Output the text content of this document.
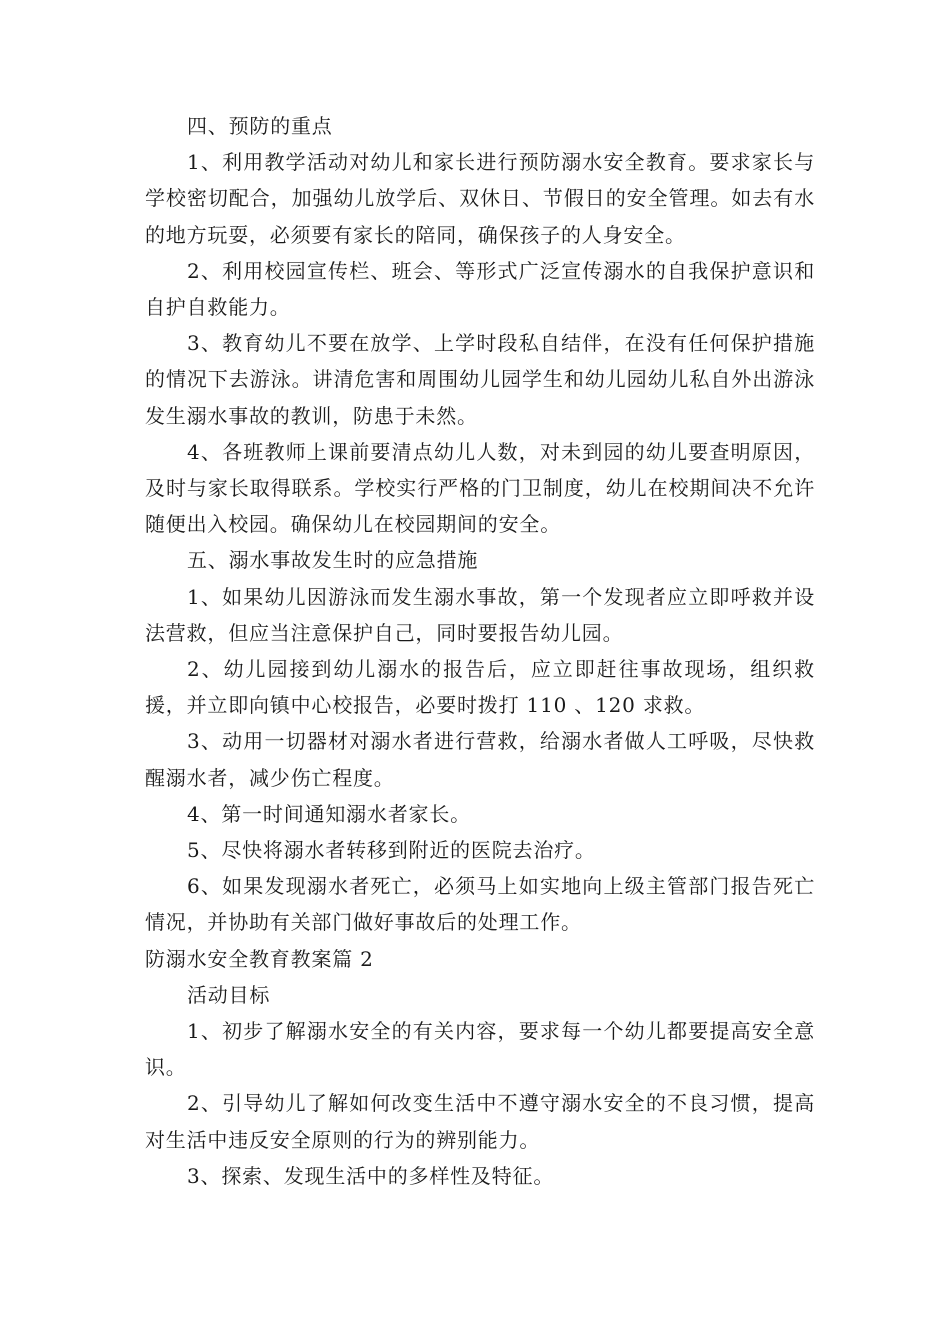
四、预防的重点

1、利用教学活动对幼儿和家长进行预防溺水安全教育。要求家长与学校密切配合，加强幼儿放学后、双休日、节假日的安全管理。如去有水的地方玩耍，必须要有家长的陪同，确保孩子的人身安全。

2、利用校园宣传栏、班会、等形式广泛宣传溺水的自我保护意识和自护自救能力。

3、教育幼儿不要在放学、上学时段私自结伴，在没有任何保护措施的情况下去游泳。讲清危害和周围幼儿园学生和幼儿园幼儿私自外出游泳发生溺水事故的教训，防患于未然。

4、各班教师上课前要清点幼儿人数，对未到园的幼儿要查明原因，及时与家长取得联系。学校实行严格的门卫制度，幼儿在校期间决不允许随便出入校园。确保幼儿在校园期间的安全。

五、溺水事故发生时的应急措施

1、如果幼儿因游泳而发生溺水事故，第一个发现者应立即呼救并设法营救，但应当注意保护自己，同时要报告幼儿园。

2、幼儿园接到幼儿溺水的报告后，应立即赶往事故现场，组织救援，并立即向镇中心校报告，必要时拨打 110 、120 求救。

3、动用一切器材对溺水者进行营救，给溺水者做人工呼吸，尽快救醒溺水者，减少伤亡程度。

4、第一时间通知溺水者家长。

5、尽快将溺水者转移到附近的医院去治疗。

6、如果发现溺水者死亡，必须马上如实地向上级主管部门报告死亡情况，并协助有关部门做好事故后的处理工作。

防溺水安全教育教案篇 2

活动目标

1、初步了解溺水安全的有关内容，要求每一个幼儿都要提高安全意识。

2、引导幼儿了解如何改变生活中不遵守溺水安全的不良习惯，提高对生活中违反安全原则的行为的辨别能力。

3、探索、发现生活中的多样性及特征。
